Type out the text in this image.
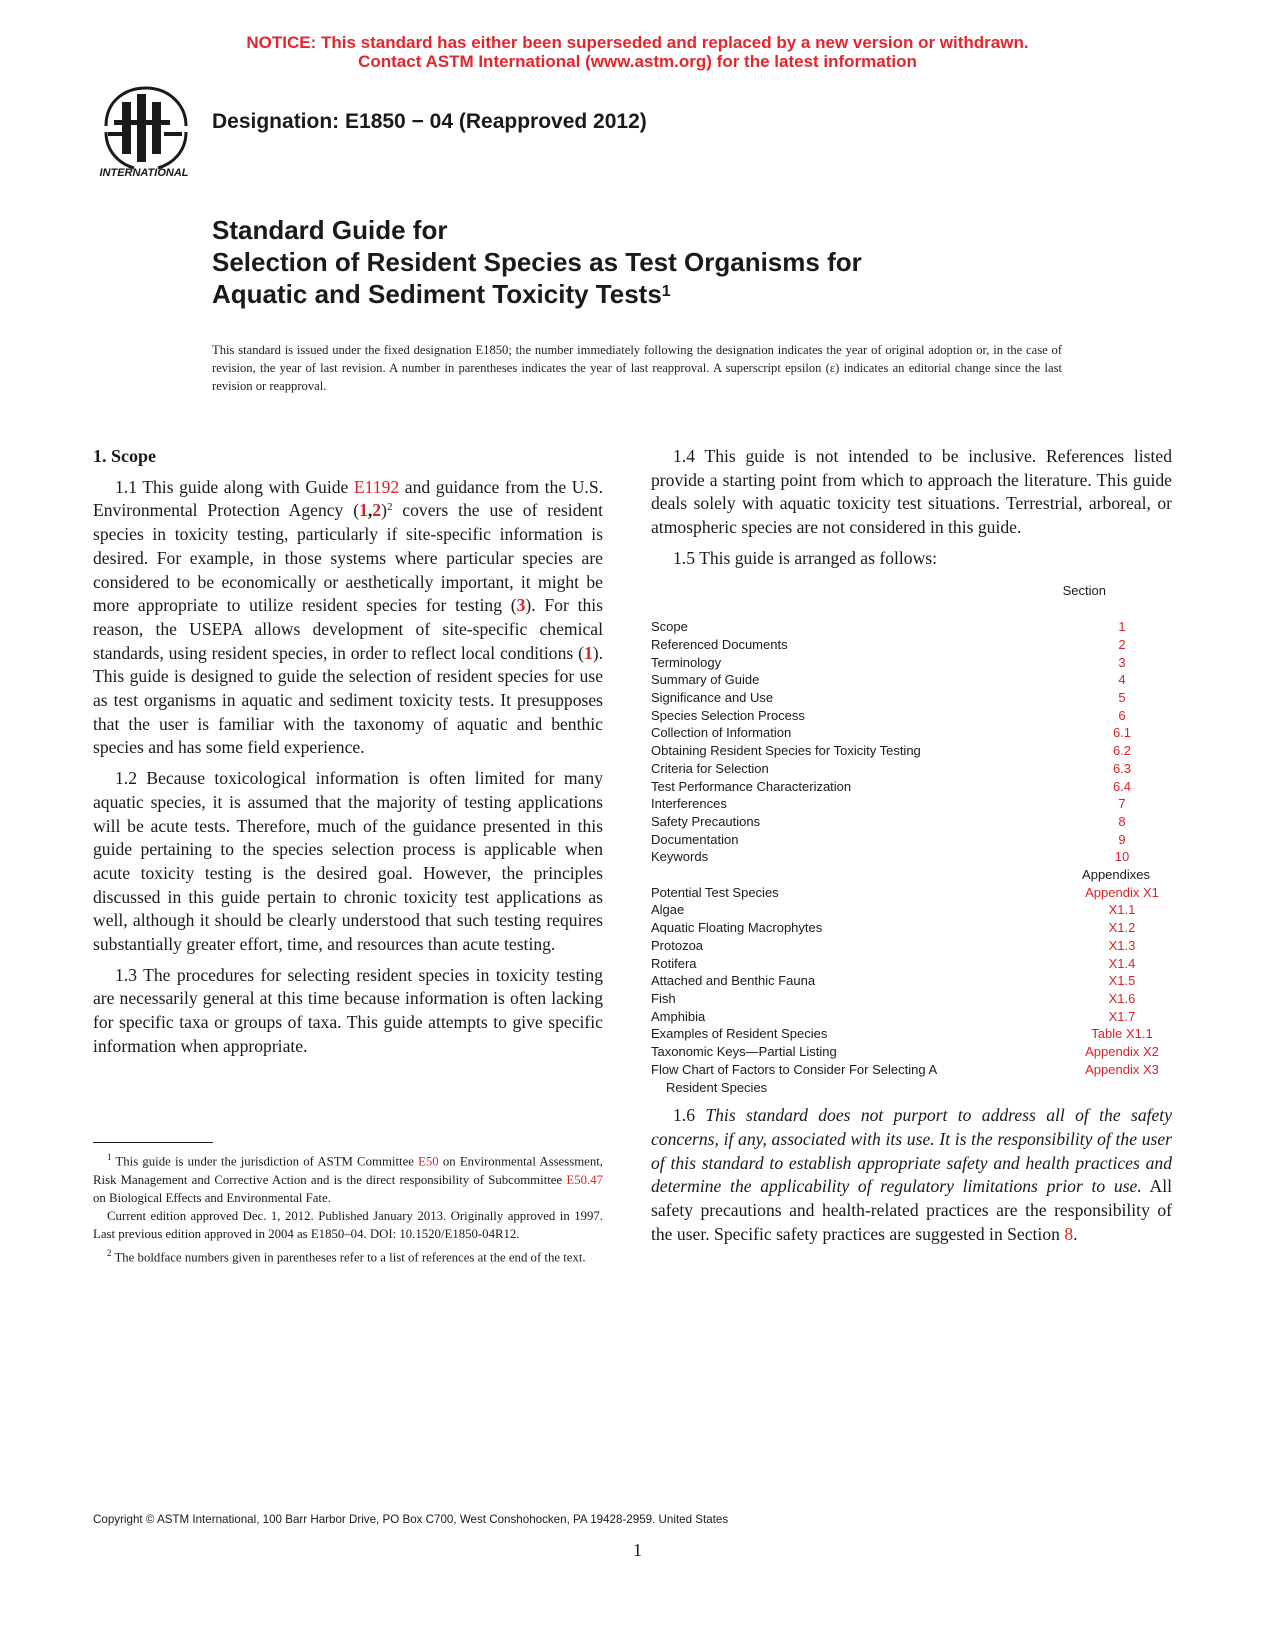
NOTICE: This standard has either been superseded and replaced by a new version or withdrawn.
Contact ASTM International (www.astm.org) for the latest information
INTERNATIONAL
Designation: E1850 − 04 (Reapproved 2012)
Standard Guide for
Selection of Resident Species as Test Organisms for
Aquatic and Sediment Toxicity Tests$^1$
This standard is issued under the fixed designation E1850; the number immediately following the designation indicates the year of original adoption or, in the case of revision, the year of last revision. A number in parentheses indicates the year of last reapproval. A superscript epsilon (ε) indicates an editorial change since the last revision or reapproval.
1. Scope

1.1 This guide along with Guide E1192 and guidance from the U.S. Environmental Protection Agency (1,2)$^2$ covers the use of resident species in toxicity testing, particularly if site-specific information is desired. For example, in those systems where particular species are considered to be economically or aesthetically important, it might be more appropriate to utilize resident species for testing (3). For this reason, the USEPA allows development of site-specific chemical standards, using resident species, in order to reflect local conditions (1). This guide is designed to guide the selection of resident species for use as test organisms in aquatic and sediment toxicity tests. It presupposes that the user is familiar with the taxonomy of aquatic and benthic species and has some field experience.

1.2 Because toxicological information is often limited for many aquatic species, it is assumed that the majority of testing applications will be acute tests. Therefore, much of the guidance presented in this guide pertaining to the species selection process is applicable when acute toxicity testing is the desired goal. However, the principles discussed in this guide pertain to chronic toxicity test applications as well, although it should be clearly understood that such testing requires substantially greater effort, time, and resources than acute testing.

1.3 The procedures for selecting resident species in toxicity testing are necessarily general at this time because information is often lacking for specific taxa or groups of taxa. This guide attempts to give specific information when appropriate.

1.4 This guide is not intended to be inclusive. References listed provide a starting point from which to approach the literature. This guide deals solely with aquatic toxicity test situations. Terrestrial, arboreal, or atmospheric species are not considered in this guide.

1.5 This guide is arranged as follows:

Section
Scope	1
Referenced Documents	2
Terminology	3
Summary of Guide	4
Significance and Use	5
Species Selection Process	6
Collection of Information	6.1
Obtaining Resident Species for Toxicity Testing	6.2
Criteria for Selection	6.3
Test Performance Characterization	6.4
Interferences	7
Safety Precautions	8
Documentation	9
Keywords	10
Appendixes
Potential Test Species	Appendix X1
Algae	X1.1
Aquatic Floating Macrophytes	X1.2
Protozoa	X1.3
Rotifera	X1.4
Attached and Benthic Fauna	X1.5
Fish	X1.6
Amphibia	X1.7
Examples of Resident Species	Table X1.1
Taxonomic Keys—Partial Listing	Appendix X2
Flow Chart of Factors to Consider For Selecting A	Appendix X3
Resident Species

1.6 This standard does not purport to address all of the safety concerns, if any, associated with its use. It is the responsibility of the user of this standard to establish appropriate safety and health practices and determine the applicability of regulatory limitations prior to use. All safety precautions and health-related practices are the responsibility of the user. Specific safety practices are suggested in Section 8.

$^1$ This guide is under the jurisdiction of ASTM Committee E50 on Environmental Assessment, Risk Management and Corrective Action and is the direct responsibility of Subcommittee E50.47 on Biological Effects and Environmental Fate.

Current edition approved Dec. 1, 2012. Published January 2013. Originally approved in 1997. Last previous edition approved in 2004 as E1850–04. DOI: 10.1520/E1850-04R12.

$^2$ The boldface numbers given in parentheses refer to a list of references at the end of the text.

Copyright © ASTM International, 100 Barr Harbor Drive, PO Box C700, West Conshohocken, PA 19428-2959. United States
1
